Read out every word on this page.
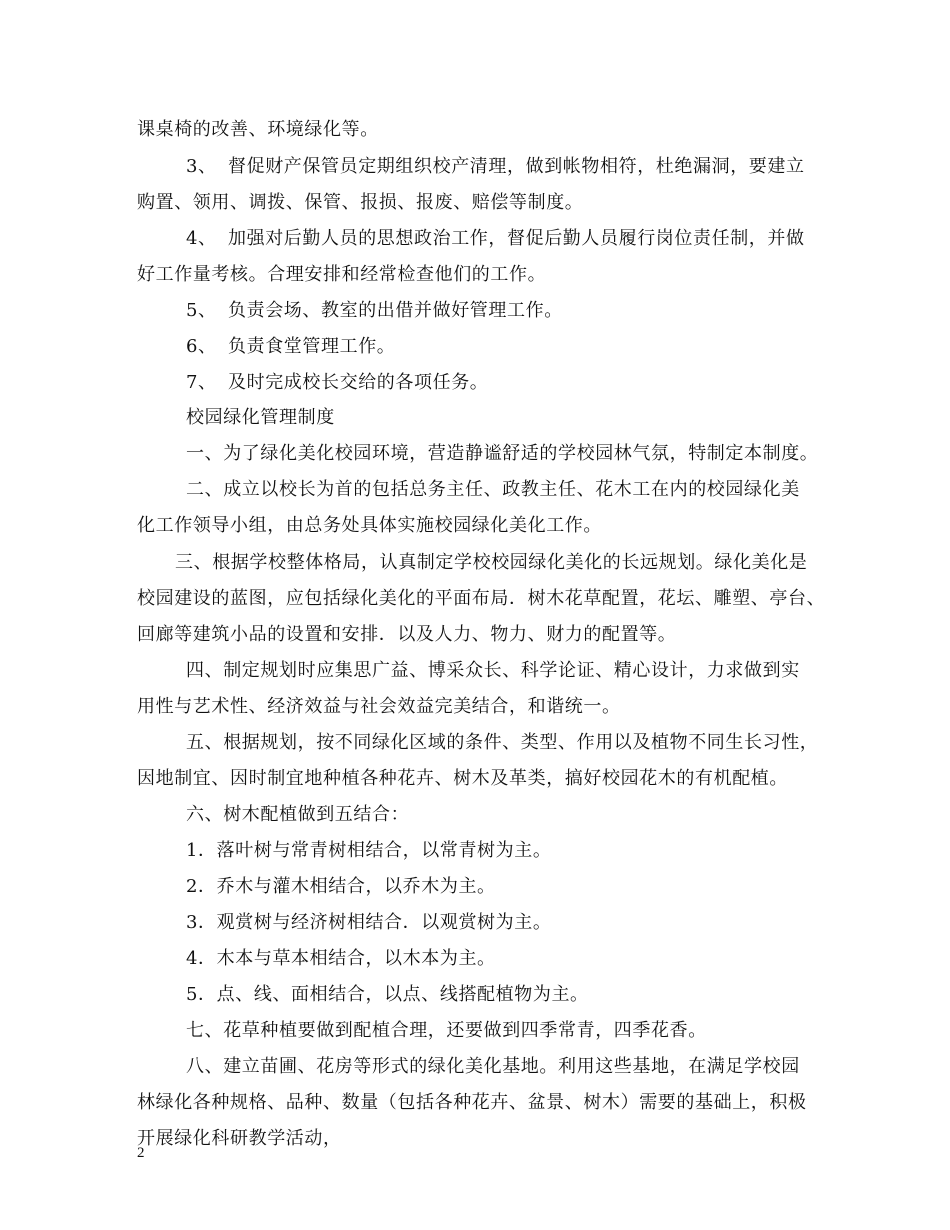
课桌椅的改善、环境绿化等。
3、 督促财产保管员定期组织校产清理，做到帐物相符，杜绝漏洞，要建立
购置、领用、调拨、保管、报损、报废、赔偿等制度。
4、 加强对后勤人员的思想政治工作，督促后勤人员履行岗位责任制，并做
好工作量考核。合理安排和经常检查他们的工作。
5、 负责会场、教室的出借并做好管理工作。
6、 负责食堂管理工作。
7、 及时完成校长交给的各项任务。
校园绿化管理制度
一、为了绿化美化校园环境，营造静谧舒适的学校园林气氛，特制定本制度。
二、成立以校长为首的包括总务主任、政教主任、花木工在内的校园绿化美
化工作领导小组，由总务处具体实施校园绿化美化工作。
三、根据学校整体格局，认真制定学校校园绿化美化的长远规划。绿化美化是
校园建设的蓝图，应包括绿化美化的平面布局．树木花草配置，花坛、雕塑、亭台、
回廊等建筑小品的设置和安排．以及人力、物力、财力的配置等。
四、制定规划时应集思广益、博采众长、科学论证、精心设计，力求做到实
用性与艺术性、经济效益与社会效益完美结合，和谐统一。
五、根据规划，按不同绿化区域的条件、类型、作用以及植物不同生长习性，
因地制宜、因时制宜地种植各种花卉、树木及革类，搞好校园花木的有机配植。
六、树木配植做到五结合：
1．落叶树与常青树相结合，以常青树为主。
2．乔木与灌木相结合，以乔木为主。
3．观赏树与经济树相结合．以观赏树为主。
4．木本与草本相结合，以木本为主。
5．点、线、面相结合，以点、线搭配植物为主。
七、花草种植要做到配植合理，还要做到四季常青，四季花香。
八、建立苗圃、花房等形式的绿化美化基地。利用这些基地，在满足学校园
林绿化各种规格、品种、数量（包括各种花卉、盆景、树木）需要的基础上，积极
开展绿化科研教学活动，
2
